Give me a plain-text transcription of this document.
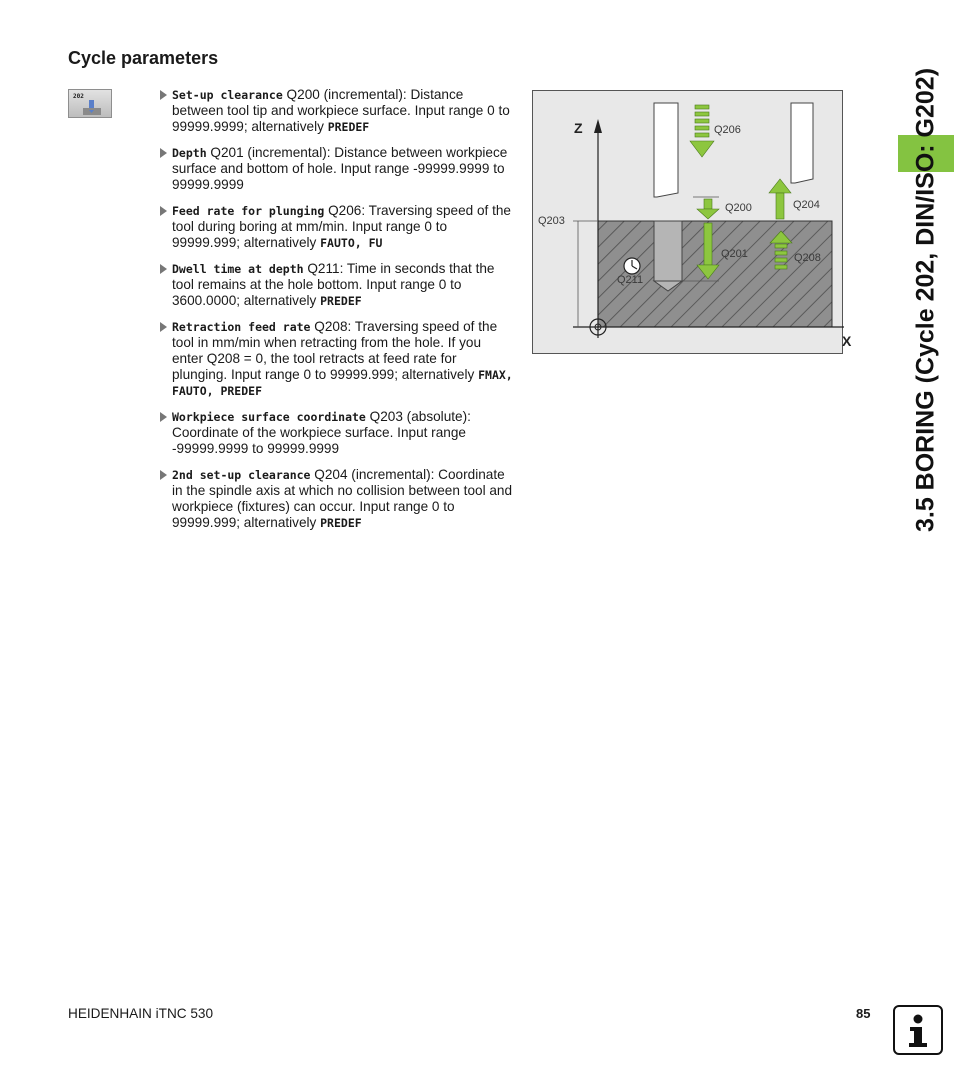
Cycle parameters
202	Set-up clearance Q200 (incremental): Distance between tool tip and workpiece surface. Input range 0 to 99999.9999; alternatively PREDEF
Depth Q201 (incremental): Distance between workpiece surface and bottom of hole. Input range -99999.9999 to 99999.9999
Feed rate for plunging Q206: Traversing speed of the tool during boring at mm/min. Input range 0 to 99999.999; alternatively FAUTO, FU
Dwell time at depth Q211: Time in seconds that the tool remains at the hole bottom. Input range 0 to 3600.0000; alternatively PREDEF
Retraction feed rate Q208: Traversing speed of the tool in mm/min when retracting from the hole. If you enter Q208 = 0, the tool retracts at feed rate for plunging. Input range 0 to 99999.999; alternatively FMAX, FAUTO, PREDEF
Workpiece surface coordinate Q203 (absolute): Coordinate of the workpiece surface. Input range -99999.9999 to 99999.9999
2nd set-up clearance Q204 (incremental): Coordinate in the spindle axis at which no collision between tool and workpiece (fixtures) can occur. Input range 0 to 99999.999; alternatively PREDEF
Z
X
Q206
Q200	Q204
Q203
Q201	Q208
Q211	3.5 BORING (Cycle 202, DIN/ISO: G202)

HEIDENHAIN iTNC 530	85
